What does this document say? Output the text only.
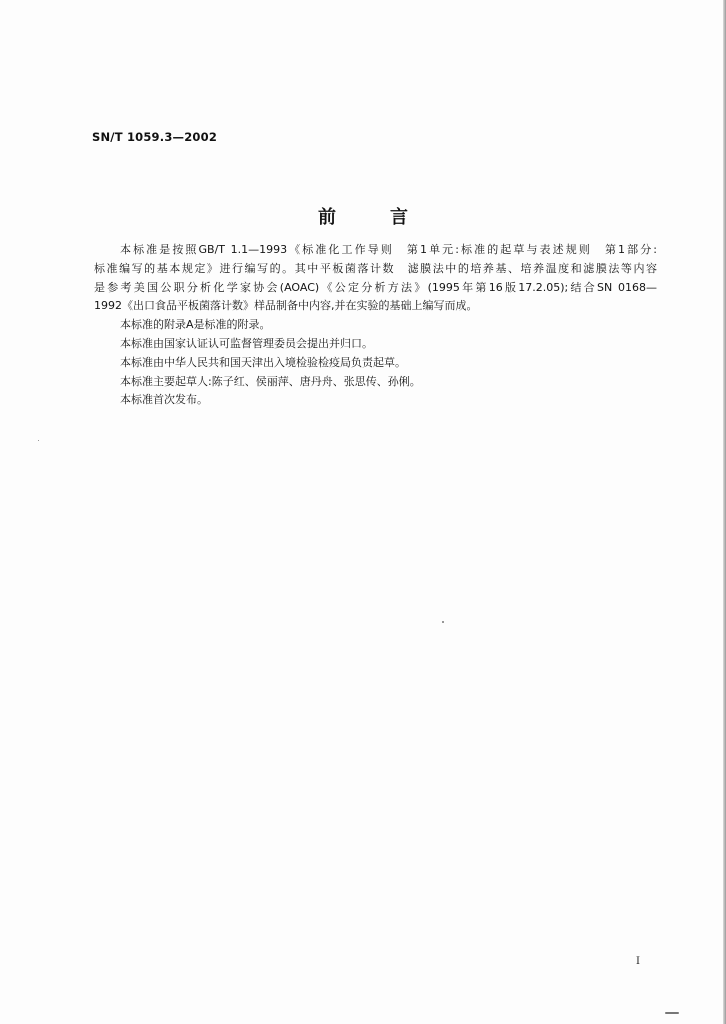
SN/T 1059.3—2002
前	言
本标准是按照GB/T 1.1—1993《标准化工作导则　第1单元:标准的起草与表述规则　第1部分:
标准编写的基本规定》进行编写的。其中平板菌落计数　滤膜法中的培养基、培养温度和滤膜法等内容
是参考美国公职分析化学家协会(AOAC)《公定分析方法》(1995年第16版17.2.05);结合SN 0168—
1992《出口食品平板菌落计数》样品制备中内容,并在实验的基础上编写而成。
本标准的附录A是标准的附录。
本标准由国家认证认可监督管理委员会提出并归口。
本标准由中华人民共和国天津出入境检验检疫局负责起草。
本标准主要起草人:陈子红、侯丽萍、唐丹舟、张思传、孙俐。
本标准首次发布。
I
